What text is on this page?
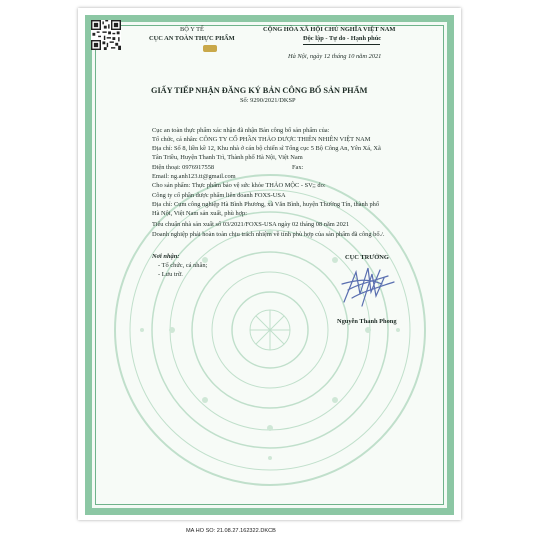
BỘ Y TẾ

CỤC AN TOÀN THỰC PHẨM

CỘNG HÒA XÃ HỘI CHỦ NGHĨA VIỆT NAM

Độc lập - Tự do - Hạnh phúc

Hà Nội, ngày 12 tháng 10 năm 2021

GIẤY TIẾP NHẬN ĐĂNG KÝ BẢN CÔNG BỐ SẢN PHẨM

Số: 9290/2021/DKSP

Cục an toàn thực phẩm xác nhận đã nhận Bản công bố sản phẩm của:

Tổ chức, cá nhân: CÔNG TY CỔ PHẦN THẢO DƯỢC THIÊN NHIÊN VIỆT NAM

Địa chỉ: Số 8, liền kề 12, Khu nhà ở cán bộ chiến sĩ Tổng cục 5 Bộ Công An, Yên Xá, Xã

Tân Triều, Huyện Thanh Trì, Thành phố Hà Nội, Việt Nam

Điện thoại: 0976917558	Fax:

Email: ng.anh123.tt@gmail.com

Cho sản phẩm: Thực phẩm bảo vệ sức khỏe THẢO MỘC - SV;; do:

Công ty cổ phần dược phẩm liên doanh FOXS-USA

Địa chỉ: Cụm công nghiệp Hà Bình Phương, xã Văn Bình, huyện Thường Tín, thành phố

Hà Nội, Việt Nam sản xuất, phù hợp:

Tiêu chuẩn nhà sản xuất số 03/2021/FOXS-USA ngày 02 tháng 08 năm 2021

Doanh nghiệp phải hoàn toàn chịu trách nhiệm về tính phù hợp của sản phẩm đã công bố./.

Nơi nhận:

- Tổ chức, cá nhân;

- Lưu trữ.

CỤC TRƯỞNG

Nguyễn Thanh Phong

MA HO SO: 21.08.27.162322.DKCB
